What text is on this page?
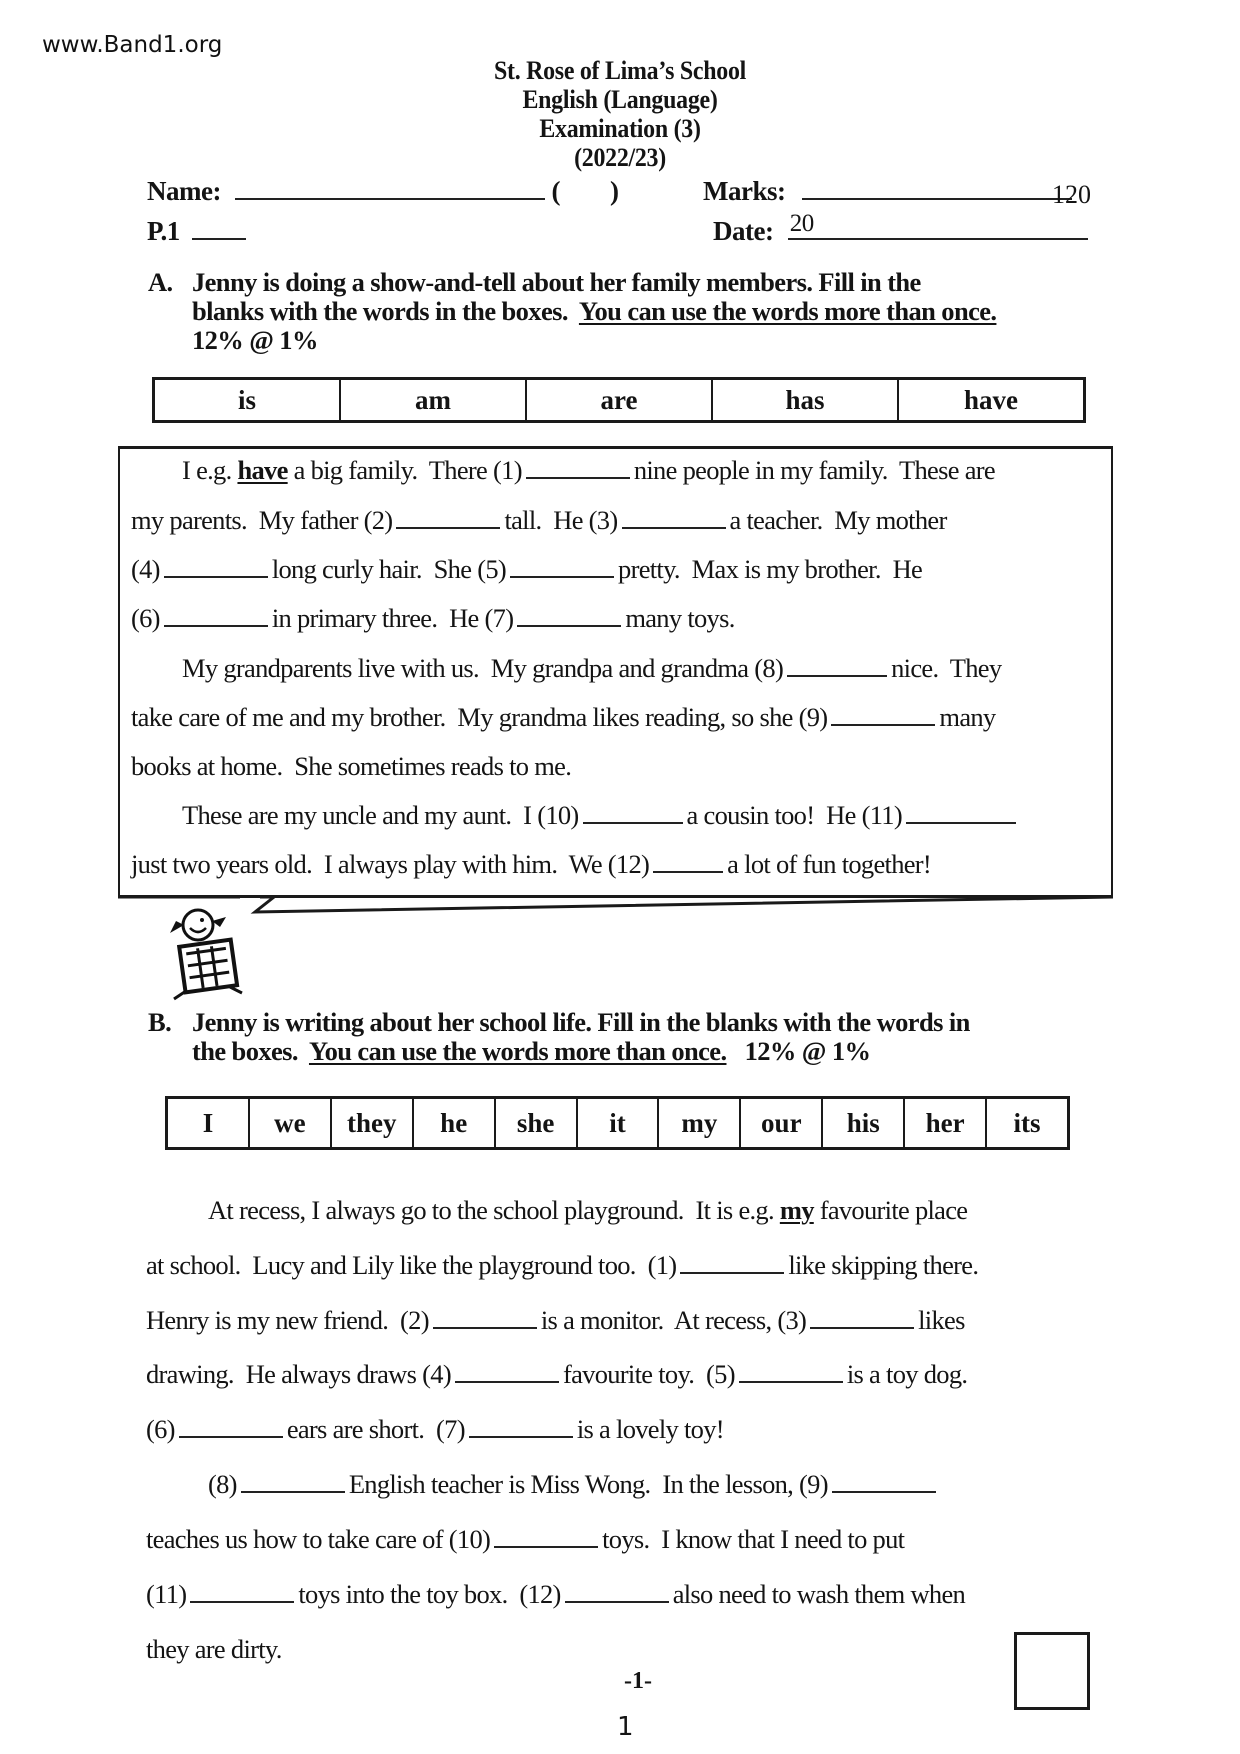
www.Band1.org
St. Rose of Lima’s School
English (Language)
Examination (3)
(2022/23)
Name:	(        )	Marks:	120
P.1	Date: 20
A. Jenny is doing a show-and-tell about her family members. Fill in the
blanks with the words in the boxes.  You can use the words more than once.
12% @ 1%
is	am	are	has	have
I e.g. have a big family.  There (1)	nine people in my family.  These are
my parents.  My father (2)	tall.  He (3)	a teacher.  My mother
(4)	long curly hair.  She (5)	pretty.  Max is my brother.  He
(6)	in primary three.  He (7)	many toys.
My grandparents live with us.  My grandpa and grandma (8)	nice.  They
take care of me and my brother.  My grandma likes reading, so she (9)	many
books at home.  She sometimes reads to me.
These are my uncle and my aunt.  I (10)	a cousin too!  He (11)
just two years old.  I always play with him.  We (12)	a lot of fun together!
B. Jenny is writing about her school life. Fill in the blanks with the words in
the boxes.  You can use the words more than once. 12% @ 1%
I	we	they	he	she	it	my	our	his	her	its
At recess, I always go to the school playground.  It is e.g. my favourite place
at school.  Lucy and Lily like the playground too.  (1)	like skipping there.
Henry is my new friend.  (2)	is a monitor.  At recess, (3)	likes
drawing.  He always draws (4)	favourite toy.  (5)	is a toy dog.
(6)	ears are short.  (7)	is a lovely toy!
(8)	English teacher is Miss Wong.  In the lesson, (9)
teaches us how to take care of (10)	toys.  I know that I need to put
(11)	toys into the toy box.  (12)	also need to wash them when
they are dirty.
-1-
1
